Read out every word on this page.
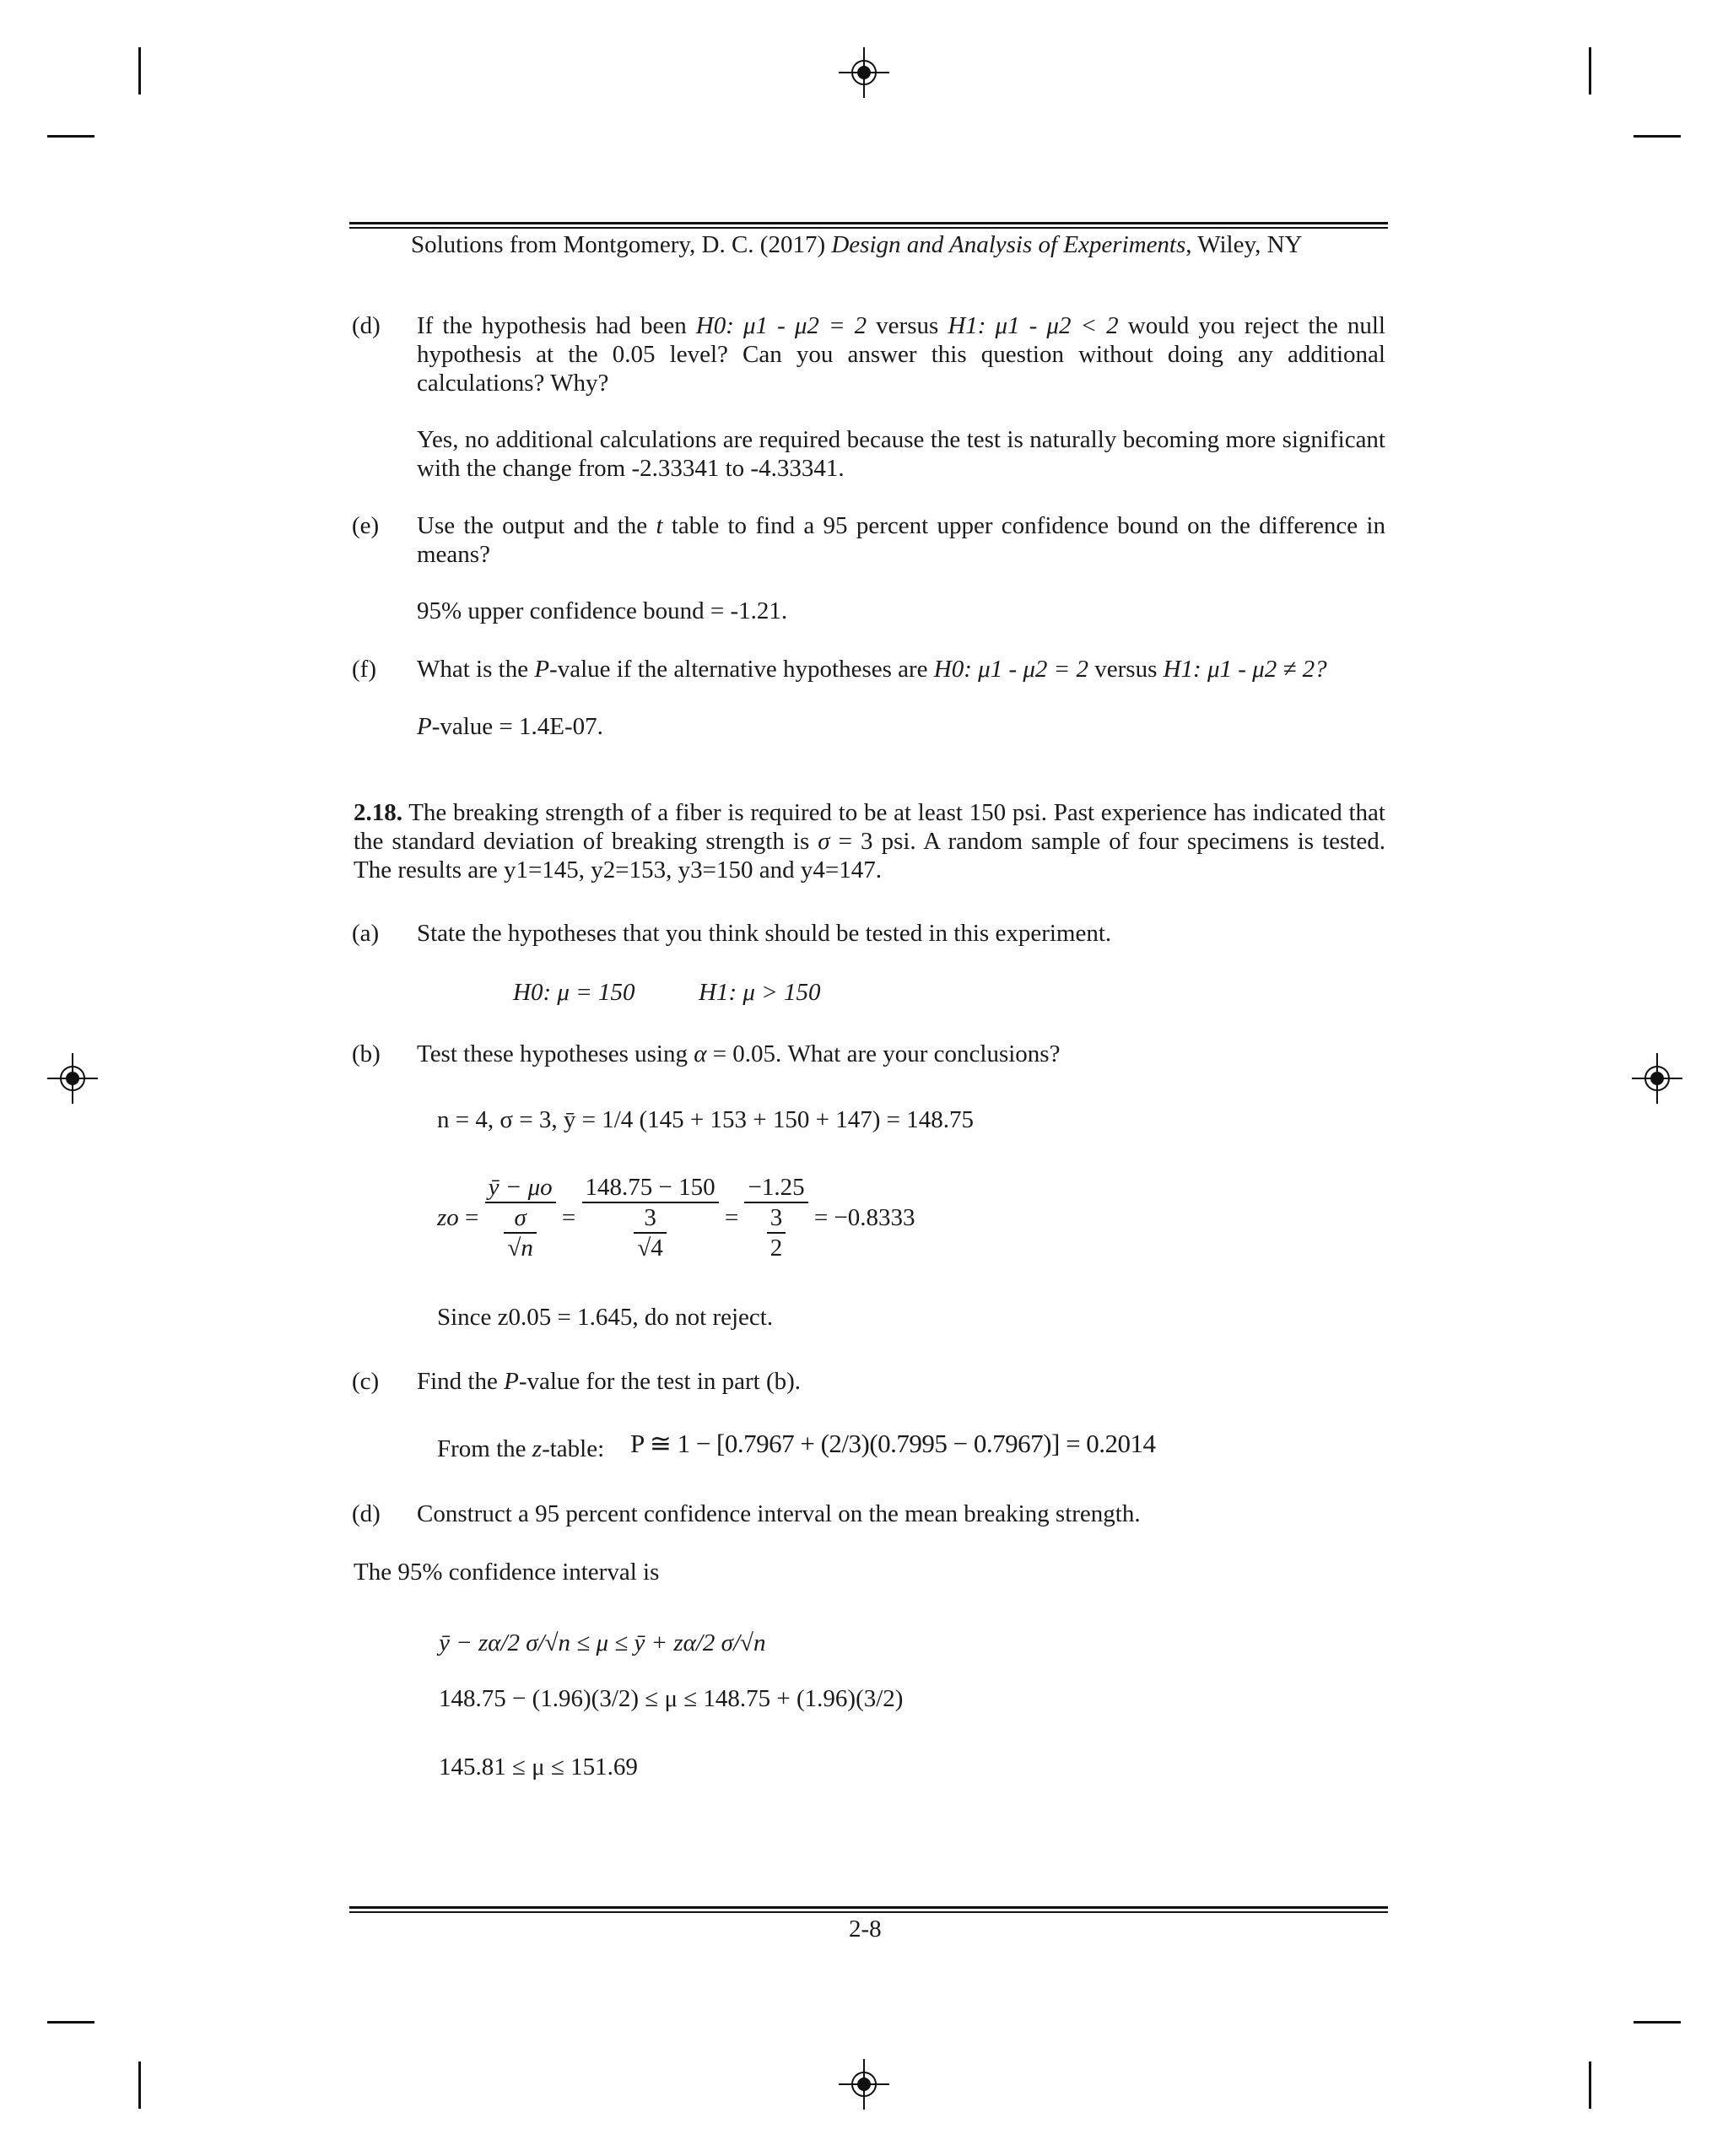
Solutions from Montgomery, D. C. (2017) Design and Analysis of Experiments, Wiley, NY
(d) If the hypothesis had been H0: μ1 - μ2 = 2 versus H1: μ1 - μ2 < 2 would you reject the null hypothesis at the 0.05 level? Can you answer this question without doing any additional calculations? Why?
Yes, no additional calculations are required because the test is naturally becoming more significant with the change from -2.33341 to -4.33341.
(e) Use the output and the t table to find a 95 percent upper confidence bound on the difference in means?
95% upper confidence bound = -1.21.
(f) What is the P-value if the alternative hypotheses are H0: μ1 - μ2 = 2 versus H1: μ1 - μ2 ≠ 2?
P-value = 1.4E-07.
2.18. The breaking strength of a fiber is required to be at least 150 psi. Past experience has indicated that the standard deviation of breaking strength is σ = 3 psi. A random sample of four specimens is tested. The results are y1=145, y2=153, y3=150 and y4=147.
(a) State the hypotheses that you think should be tested in this experiment.
H0: μ = 150	H1: μ > 150
(b) Test these hypotheses using α = 0.05. What are your conclusions?
n = 4, σ = 3, ȳ = 1/4 (145 + 153 + 150 + 147) = 148.75
zo = $\frac{ȳ - \mu o}{\frac{\sigma}{√n}} = \frac{148.75 - 150}{\frac{3}{√4}} = \frac{-1.25}{\frac{3}{2}} = -0.8333$
Since z0.05 = 1.645, do not reject.
(c) Find the P-value for the test in part (b).
From the z-table: P ≅ 1 − [0.7967 + (2/3)(0.7995 − 0.7967)] = 0.2014
(d) Construct a 95 percent confidence interval on the mean breaking strength.
The 95% confidence interval is
ȳ − zα/2 σ/√n ≤ μ ≤ ȳ + zα/2 σ/√n
148.75 − (1.96)(3/2) ≤ μ ≤ 148.75 + (1.96)(3/2)
145.81 ≤ μ ≤ 151.69
2-8
